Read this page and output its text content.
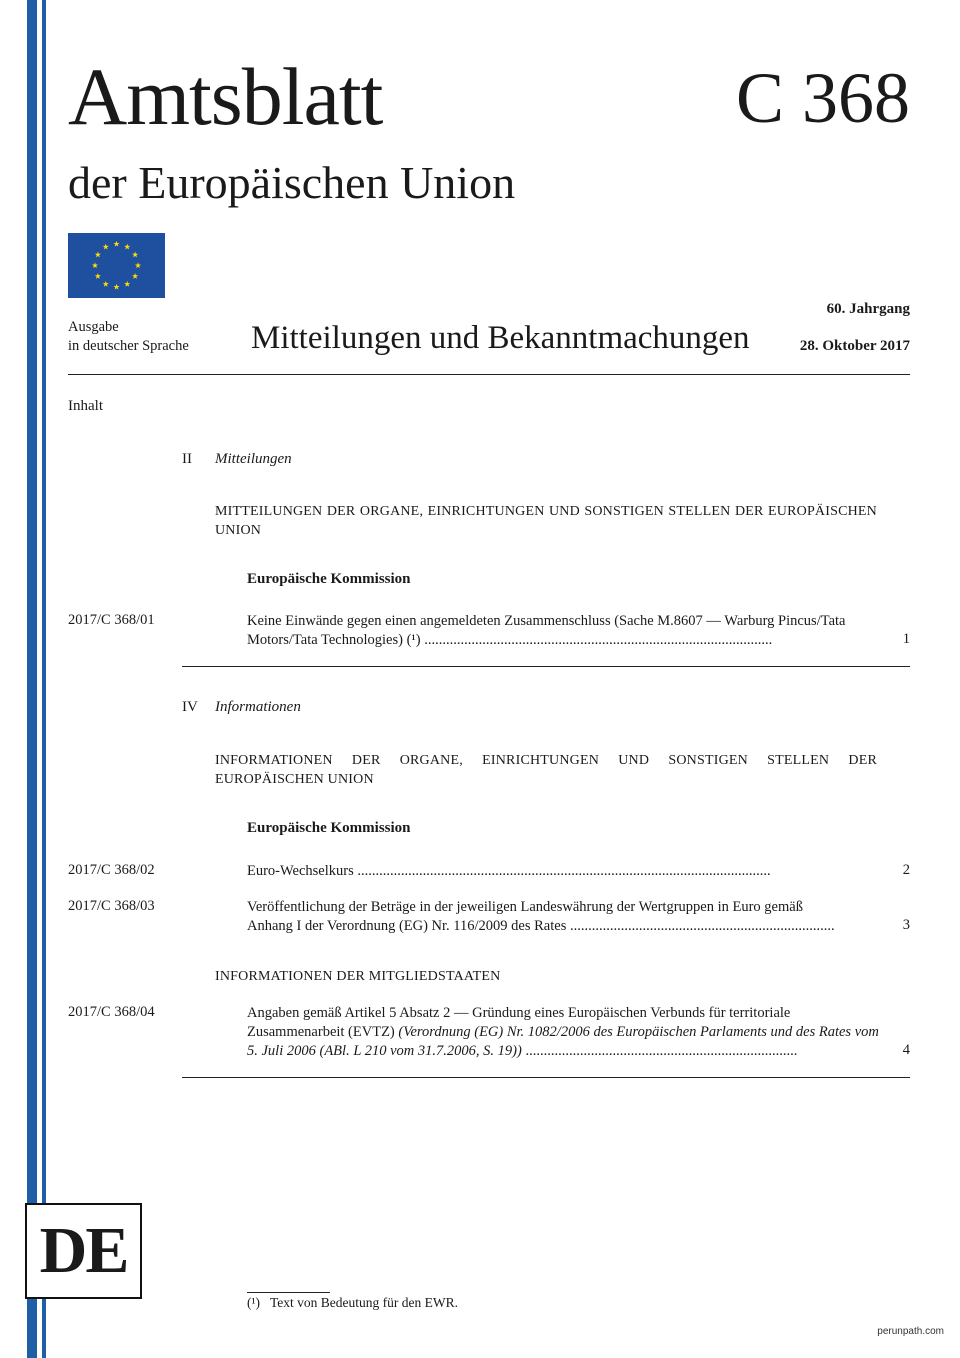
Amtsblatt
der Europäischen Union
C 368
Ausgabe
in deutscher Sprache Mitteilungen und Bekanntmachungen
60. Jahrgang
28. Oktober 2017
Inhalt
II Mitteilungen
MITTEILUNGEN DER ORGANE, EINRICHTUNGEN UND SONSTIGEN STELLEN DER EUROPÄISCHEN UNION
Europäische Kommission
2017/C 368/01	Keine Einwände gegen einen angemeldeten Zusammenschluss (Sache M.8607 — Warburg Pincus/Tata
Motors/Tata Technologies) (¹) ................................................................................................	1
IV Informationen
INFORMATIONEN DER ORGANE, EINRICHTUNGEN UND SONSTIGEN STELLEN DER EUROPÄISCHEN UNION
Europäische Kommission
2017/C 368/02	Euro-Wechselkurs ..................................................................................................................	2
2017/C 368/03	Veröffentlichung der Beträge in der jeweiligen Landeswährung der Wertgruppen in Euro gemäß
Anhang I der Verordnung (EG) Nr. 116/2009 des Rates .........................................................................	3
INFORMATIONEN DER MITGLIEDSTAATEN
2017/C 368/04	Angaben gemäß Artikel 5 Absatz 2 — Gründung eines Europäischen Verbunds für territoriale
Zusammenarbeit (EVTZ) (Verordnung (EG) Nr. 1082/2006 des Europäischen Parlaments und des Rates vom
5. Juli 2006 (ABl. L 210 vom 31.7.2006, S. 19)) ...........................................................................	4
DE
(¹) Text von Bedeutung für den EWR.
perunpath.com
